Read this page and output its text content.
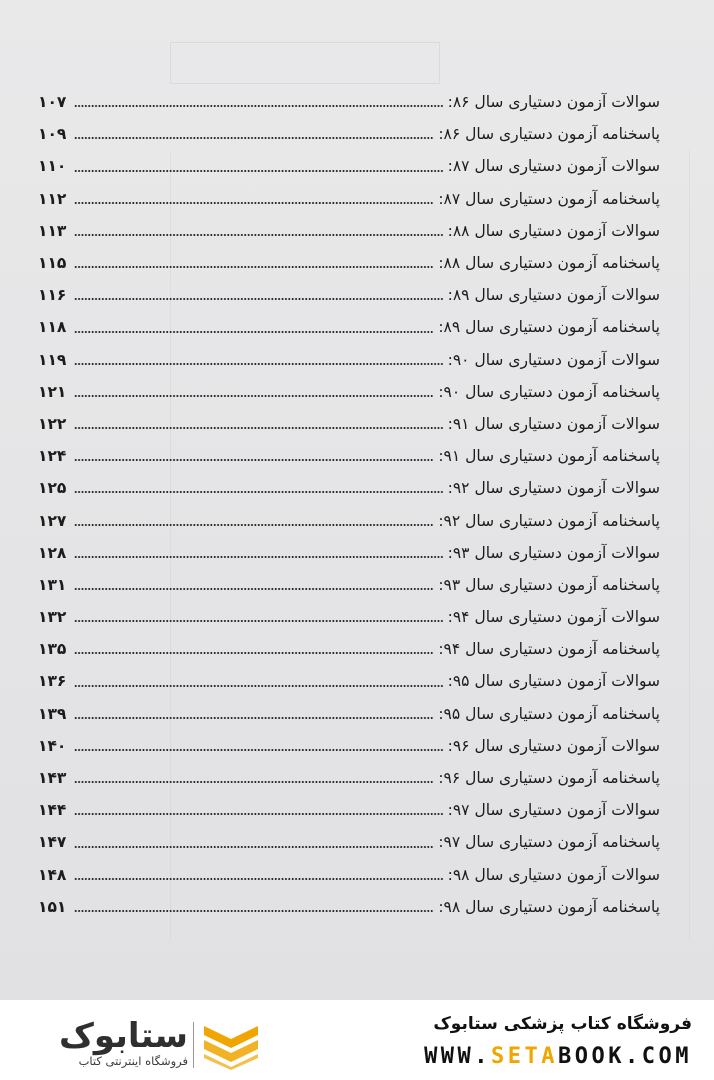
سوالات آزمون دستیاری سال ۸۶:
۱۰۷
پاسخنامه آزمون دستیاری سال ۸۶:
۱۰۹
سوالات آزمون دستیاری سال ۸۷:
۱۱۰
پاسخنامه آزمون دستیاری سال ۸۷:
۱۱۲
سوالات آزمون دستیاری سال ۸۸:
۱۱۳
پاسخنامه آزمون دستیاری سال ۸۸:
۱۱۵
سوالات آزمون دستیاری سال ۸۹:
۱۱۶
پاسخنامه آزمون دستیاری سال ۸۹:
۱۱۸
سوالات آزمون دستیاری سال ۹۰:
۱۱۹
پاسخنامه آزمون دستیاری سال ۹۰:
۱۲۱
سوالات آزمون دستیاری سال ۹۱:
۱۲۲
پاسخنامه آزمون دستیاری سال ۹۱:
۱۲۴
سوالات آزمون دستیاری سال ۹۲:
۱۲۵
پاسخنامه آزمون دستیاری سال ۹۲:
۱۲۷
سوالات آزمون دستیاری سال ۹۳:
۱۲۸
پاسخنامه آزمون دستیاری سال ۹۳:
۱۳۱
سوالات آزمون دستیاری سال ۹۴:
۱۳۲
پاسخنامه آزمون دستیاری سال ۹۴:
۱۳۵
سوالات آزمون دستیاری سال ۹۵:
۱۳۶
پاسخنامه آزمون دستیاری سال ۹۵:
۱۳۹
سوالات آزمون دستیاری سال ۹۶:
۱۴۰
پاسخنامه آزمون دستیاری سال ۹۶:
۱۴۳
سوالات آزمون دستیاری سال ۹۷:
۱۴۴
پاسخنامه آزمون دستیاری سال ۹۷:
۱۴۷
سوالات آزمون دستیاری سال ۹۸:
۱۴۸
پاسخنامه آزمون دستیاری سال ۹۸:
۱۵۱
ستابوک
فروشگاه اینترنتی کتاب
فروشگاه کتاب پزشکی ستابوک
WWW.SETABOOK.COM
